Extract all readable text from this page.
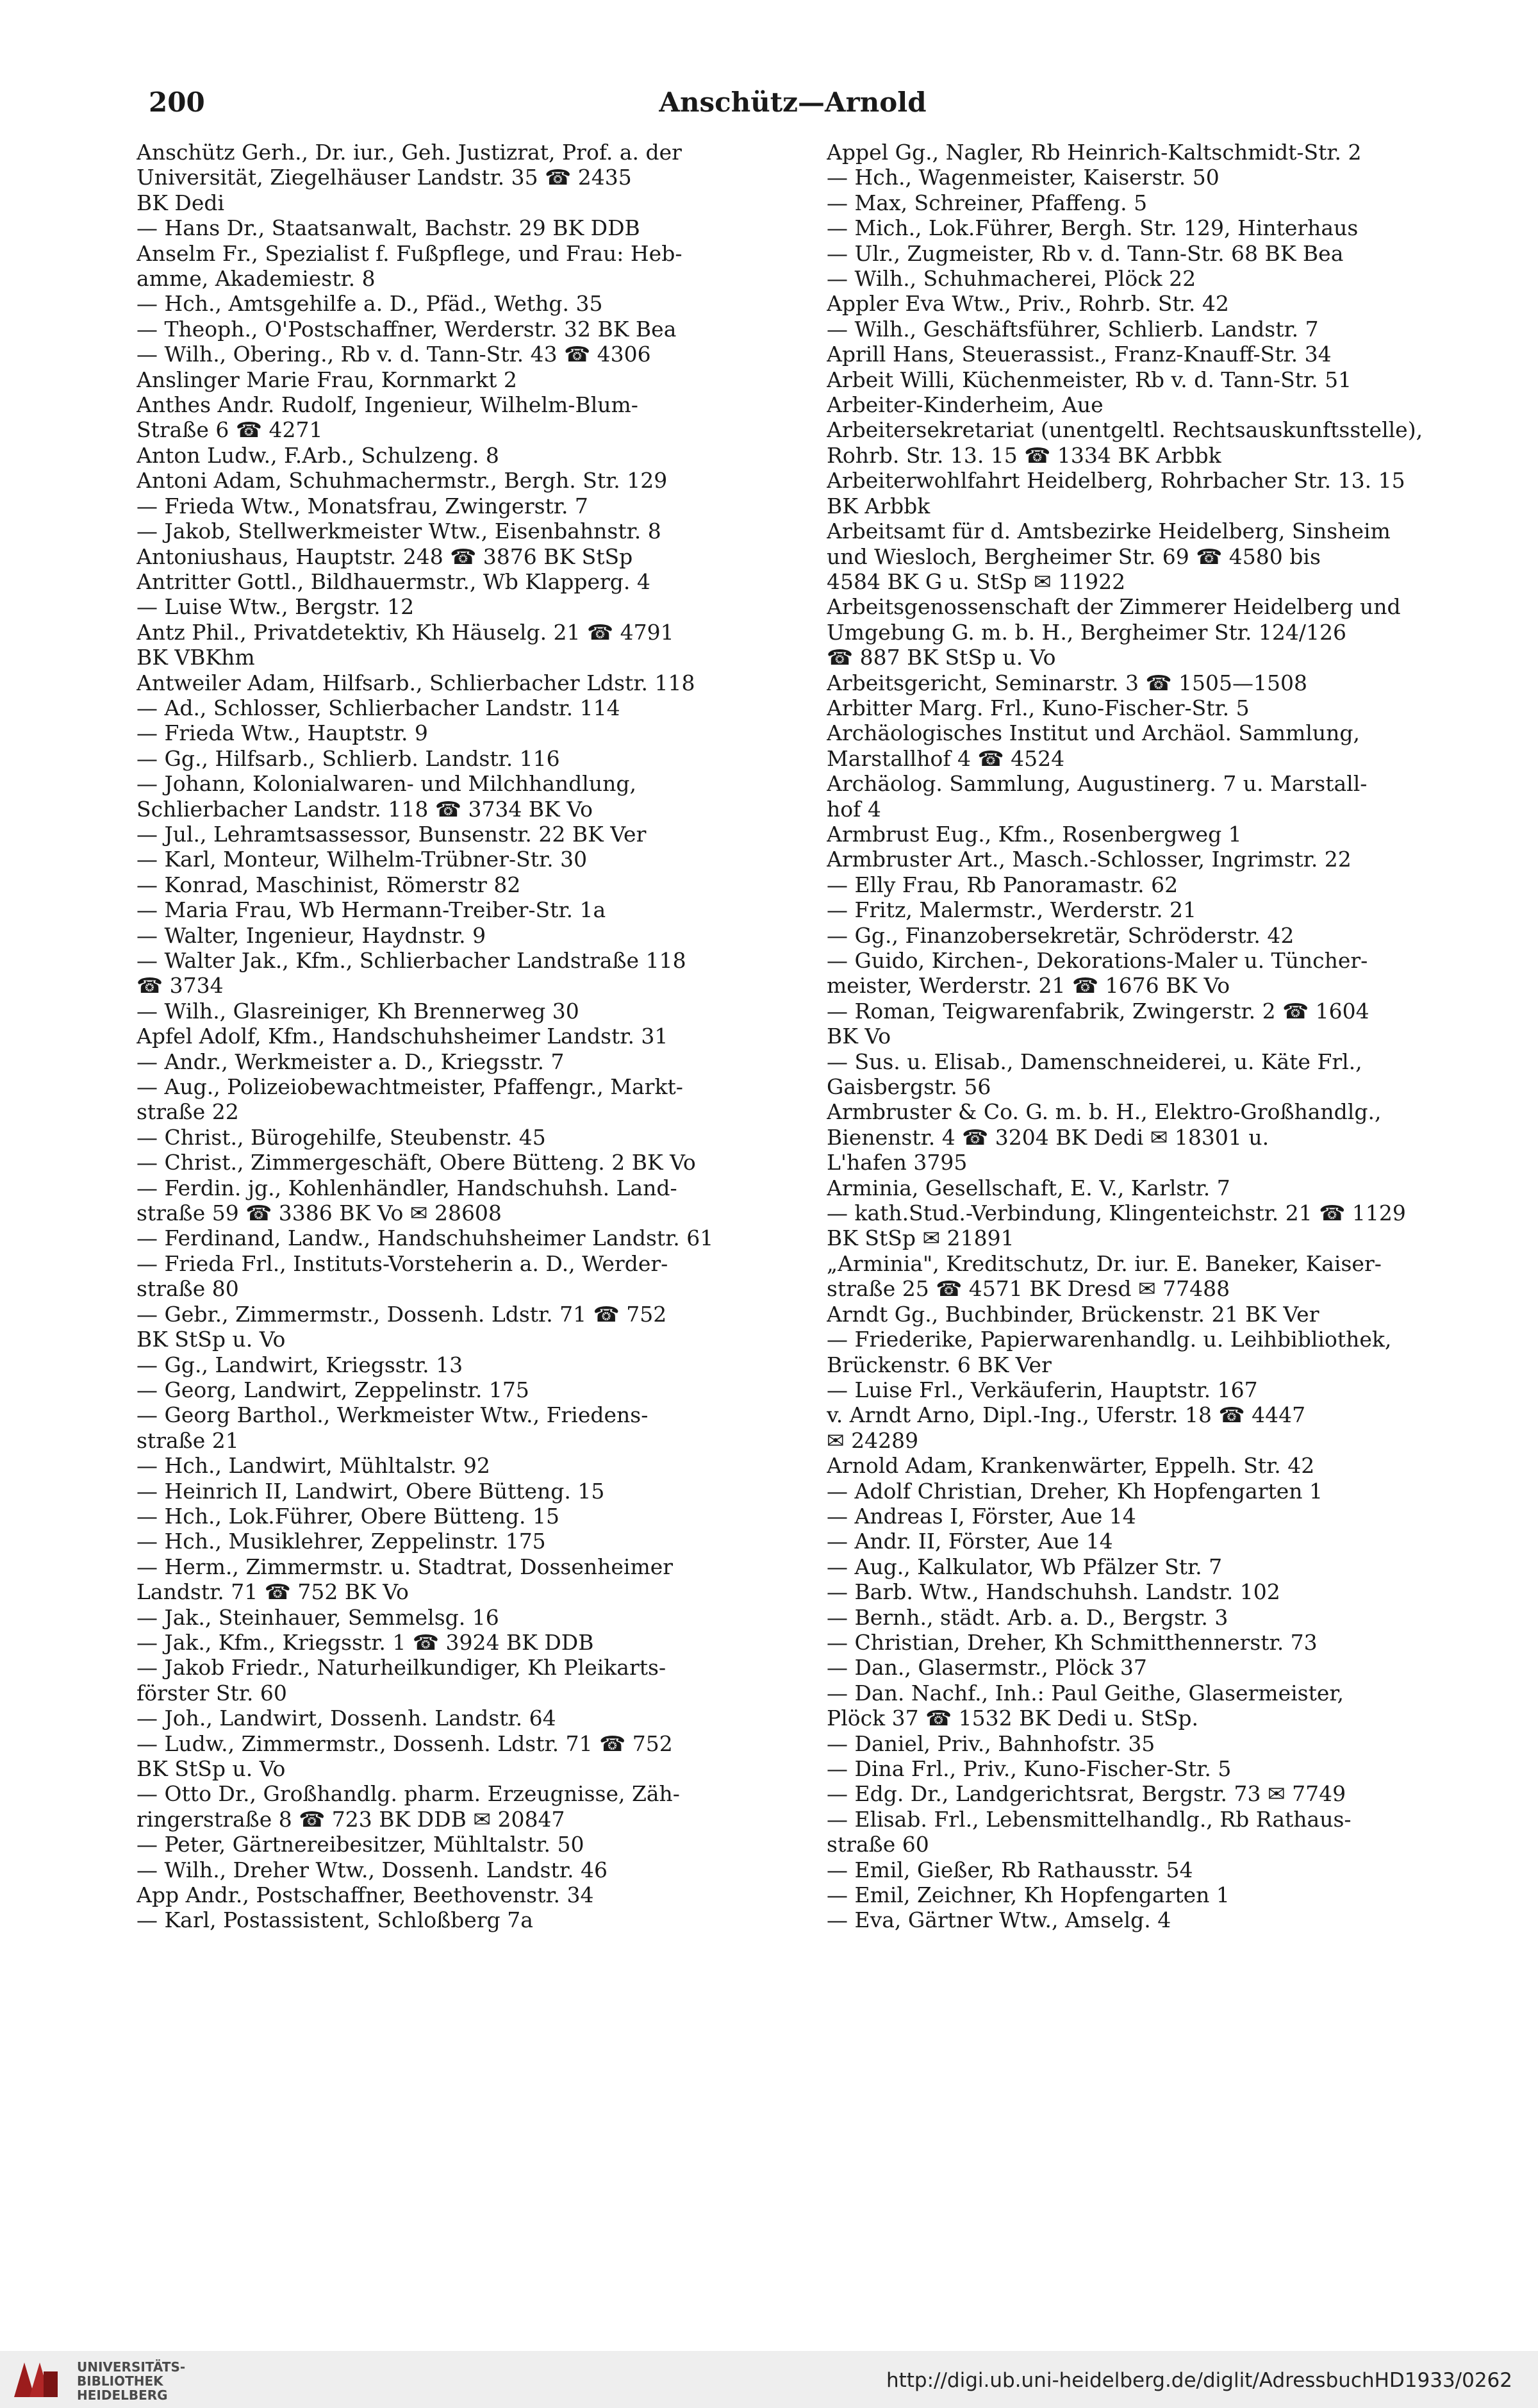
200	Anschütz—Arnold
Anschütz Gerh., Dr. iur., Geh. Justizrat, Prof. a. der
Universität, Ziegelhäuser Landstr. 35 ☎ 2435
BK Dedi
— Hans Dr., Staatsanwalt, Bachstr. 29 BK DDB
Anselm Fr., Spezialist f. Fußpflege, und Frau: Heb-
amme, Akademiestr. 8
— Hch., Amtsgehilfe a. D., Pfäd., Wethg. 35
— Theoph., O'Postschaffner, Werderstr. 32 BK Bea
— Wilh., Obering., Rb v. d. Tann-Str. 43 ☎ 4306
Anslinger Marie Frau, Kornmarkt 2
Anthes Andr. Rudolf, Ingenieur, Wilhelm-Blum-
Straße 6 ☎ 4271
Anton Ludw., F.Arb., Schulzeng. 8
Antoni Adam, Schuhmachermstr., Bergh. Str. 129
— Frieda Wtw., Monatsfrau, Zwingerstr. 7
— Jakob, Stellwerkmeister Wtw., Eisenbahnstr. 8
Antoniushaus, Hauptstr. 248 ☎ 3876 BK StSp
Antritter Gottl., Bildhauermstr., Wb Klapperg. 4
— Luise Wtw., Bergstr. 12
Antz Phil., Privatdetektiv, Kh Häuselg. 21 ☎ 4791
BK VBKhm
Antweiler Adam, Hilfsarb., Schlierbacher Ldstr. 118
— Ad., Schlosser, Schlierbacher Landstr. 114
— Frieda Wtw., Hauptstr. 9
— Gg., Hilfsarb., Schlierb. Landstr. 116
— Johann, Kolonialwaren- und Milchhandlung,
Schlierbacher Landstr. 118 ☎ 3734 BK Vo
— Jul., Lehramtsassessor, Bunsenstr. 22 BK Ver
— Karl, Monteur, Wilhelm-Trübner-Str. 30
— Konrad, Maschinist, Römerstr 82
— Maria Frau, Wb Hermann-Treiber-Str. 1a
— Walter, Ingenieur, Haydnstr. 9
— Walter Jak., Kfm., Schlierbacher Landstraße 118
☎ 3734
— Wilh., Glasreiniger, Kh Brennerweg 30
Apfel Adolf, Kfm., Handschuhsheimer Landstr. 31
— Andr., Werkmeister a. D., Kriegsstr. 7
— Aug., Polizeiobewachtmeister, Pfaffengr., Markt-
straße 22
— Christ., Bürogehilfe, Steubenstr. 45
— Christ., Zimmergeschäft, Obere Bütteng. 2 BK Vo
— Ferdin. jg., Kohlenhändler, Handschuhsh. Land-
straße 59 ☎ 3386 BK Vo ✉ 28608
— Ferdinand, Landw., Handschuhsheimer Landstr. 61
— Frieda Frl., Instituts-Vorsteherin a. D., Werder-
straße 80
— Gebr., Zimmermstr., Dossenh. Ldstr. 71 ☎ 752
BK StSp u. Vo
— Gg., Landwirt, Kriegsstr. 13
— Georg, Landwirt, Zeppelinstr. 175
— Georg Barthol., Werkmeister Wtw., Friedens-
straße 21
— Hch., Landwirt, Mühltalstr. 92
— Heinrich II, Landwirt, Obere Bütteng. 15
— Hch., Lok.Führer, Obere Bütteng. 15
— Hch., Musiklehrer, Zeppelinstr. 175
— Herm., Zimmermstr. u. Stadtrat, Dossenheimer
Landstr. 71 ☎ 752 BK Vo
— Jak., Steinhauer, Semmelsg. 16
— Jak., Kfm., Kriegsstr. 1 ☎ 3924 BK DDB
— Jakob Friedr., Naturheilkundiger, Kh Pleikarts-
förster Str. 60
— Joh., Landwirt, Dossenh. Landstr. 64
— Ludw., Zimmermstr., Dossenh. Ldstr. 71 ☎ 752
BK StSp u. Vo
— Otto Dr., Großhandlg. pharm. Erzeugnisse, Zäh-
ringerstraße 8 ☎ 723 BK DDB ✉ 20847
— Peter, Gärtnereibesitzer, Mühltalstr. 50
— Wilh., Dreher Wtw., Dossenh. Landstr. 46
App Andr., Postschaffner, Beethovenstr. 34
— Karl, Postassistent, Schloßberg 7a
Appel Gg., Nagler, Rb Heinrich-Kaltschmidt-Str. 2
— Hch., Wagenmeister, Kaiserstr. 50
— Max, Schreiner, Pfaffeng. 5
— Mich., Lok.Führer, Bergh. Str. 129, Hinterhaus
— Ulr., Zugmeister, Rb v. d. Tann-Str. 68 BK Bea
— Wilh., Schuhmacherei, Plöck 22
Appler Eva Wtw., Priv., Rohrb. Str. 42
— Wilh., Geschäftsführer, Schlierb. Landstr. 7
Aprill Hans, Steuerassist., Franz-Knauff-Str. 34
Arbeit Willi, Küchenmeister, Rb v. d. Tann-Str. 51
Arbeiter-Kinderheim, Aue
Arbeitersekretariat (unentgeltl. Rechtsauskunftsstelle),
Rohrb. Str. 13. 15 ☎ 1334 BK Arbbk
Arbeiterwohlfahrt Heidelberg, Rohrbacher Str. 13. 15
BK Arbbk
Arbeitsamt für d. Amtsbezirke Heidelberg, Sinsheim
und Wiesloch, Bergheimer Str. 69 ☎ 4580 bis
4584 BK G u. StSp ✉ 11922
Arbeitsgenossenschaft der Zimmerer Heidelberg und
Umgebung G. m. b. H., Bergheimer Str. 124/126
☎ 887 BK StSp u. Vo
Arbeitsgericht, Seminarstr. 3 ☎ 1505—1508
Arbitter Marg. Frl., Kuno-Fischer-Str. 5
Archäologisches Institut und Archäol. Sammlung,
Marstallhof 4 ☎ 4524
Archäolog. Sammlung, Augustinerg. 7 u. Marstall-
hof 4
Armbrust Eug., Kfm., Rosenbergweg 1
Armbruster Art., Masch.-Schlosser, Ingrimstr. 22
— Elly Frau, Rb Panoramastr. 62
— Fritz, Malermstr., Werderstr. 21
— Gg., Finanzobersekretär, Schröderstr. 42
— Guido, Kirchen-, Dekorations-Maler u. Tüncher-
meister, Werderstr. 21 ☎ 1676 BK Vo
— Roman, Teigwarenfabrik, Zwingerstr. 2 ☎ 1604
BK Vo
— Sus. u. Elisab., Damenschneiderei, u. Käte Frl.,
Gaisbergstr. 56
Armbruster & Co. G. m. b. H., Elektro-Großhandlg.,
Bienenstr. 4 ☎ 3204 BK Dedi ✉ 18301 u.
L'hafen 3795
Arminia, Gesellschaft, E. V., Karlstr. 7
— kath.Stud.-Verbindung, Klingenteichstr. 21 ☎ 1129
BK StSp ✉ 21891
„Arminia", Kreditschutz, Dr. iur. E. Baneker, Kaiser-
straße 25 ☎ 4571 BK Dresd ✉ 77488
Arndt Gg., Buchbinder, Brückenstr. 21 BK Ver
— Friederike, Papierwarenhandlg. u. Leihbibliothek,
Brückenstr. 6 BK Ver
— Luise Frl., Verkäuferin, Hauptstr. 167
v. Arndt Arno, Dipl.-Ing., Uferstr. 18 ☎ 4447
✉ 24289
Arnold Adam, Krankenwärter, Eppelh. Str. 42
— Adolf Christian, Dreher, Kh Hopfengarten 1
— Andreas I, Förster, Aue 14
— Andr. II, Förster, Aue 14
— Aug., Kalkulator, Wb Pfälzer Str. 7
— Barb. Wtw., Handschuhsh. Landstr. 102
— Bernh., städt. Arb. a. D., Bergstr. 3
— Christian, Dreher, Kh Schmitthennerstr. 73
— Dan., Glasermstr., Plöck 37
— Dan. Nachf., Inh.: Paul Geithe, Glasermeister,
Plöck 37 ☎ 1532 BK Dedi u. StSp.
— Daniel, Priv., Bahnhofstr. 35
— Dina Frl., Priv., Kuno-Fischer-Str. 5
— Edg. Dr., Landgerichtsrat, Bergstr. 73 ✉ 7749
— Elisab. Frl., Lebensmittelhandlg., Rb Rathaus-
straße 60
— Emil, Gießer, Rb Rathausstr. 54
— Emil, Zeichner, Kh Hopfengarten 1
— Eva, Gärtner Wtw., Amselg. 4
UNIVERSITÄTS-
BIBLIOTHEK
HEIDELBERG
http://digi.ub.uni-heidelberg.de/diglit/AdressbuchHD1933/0262
